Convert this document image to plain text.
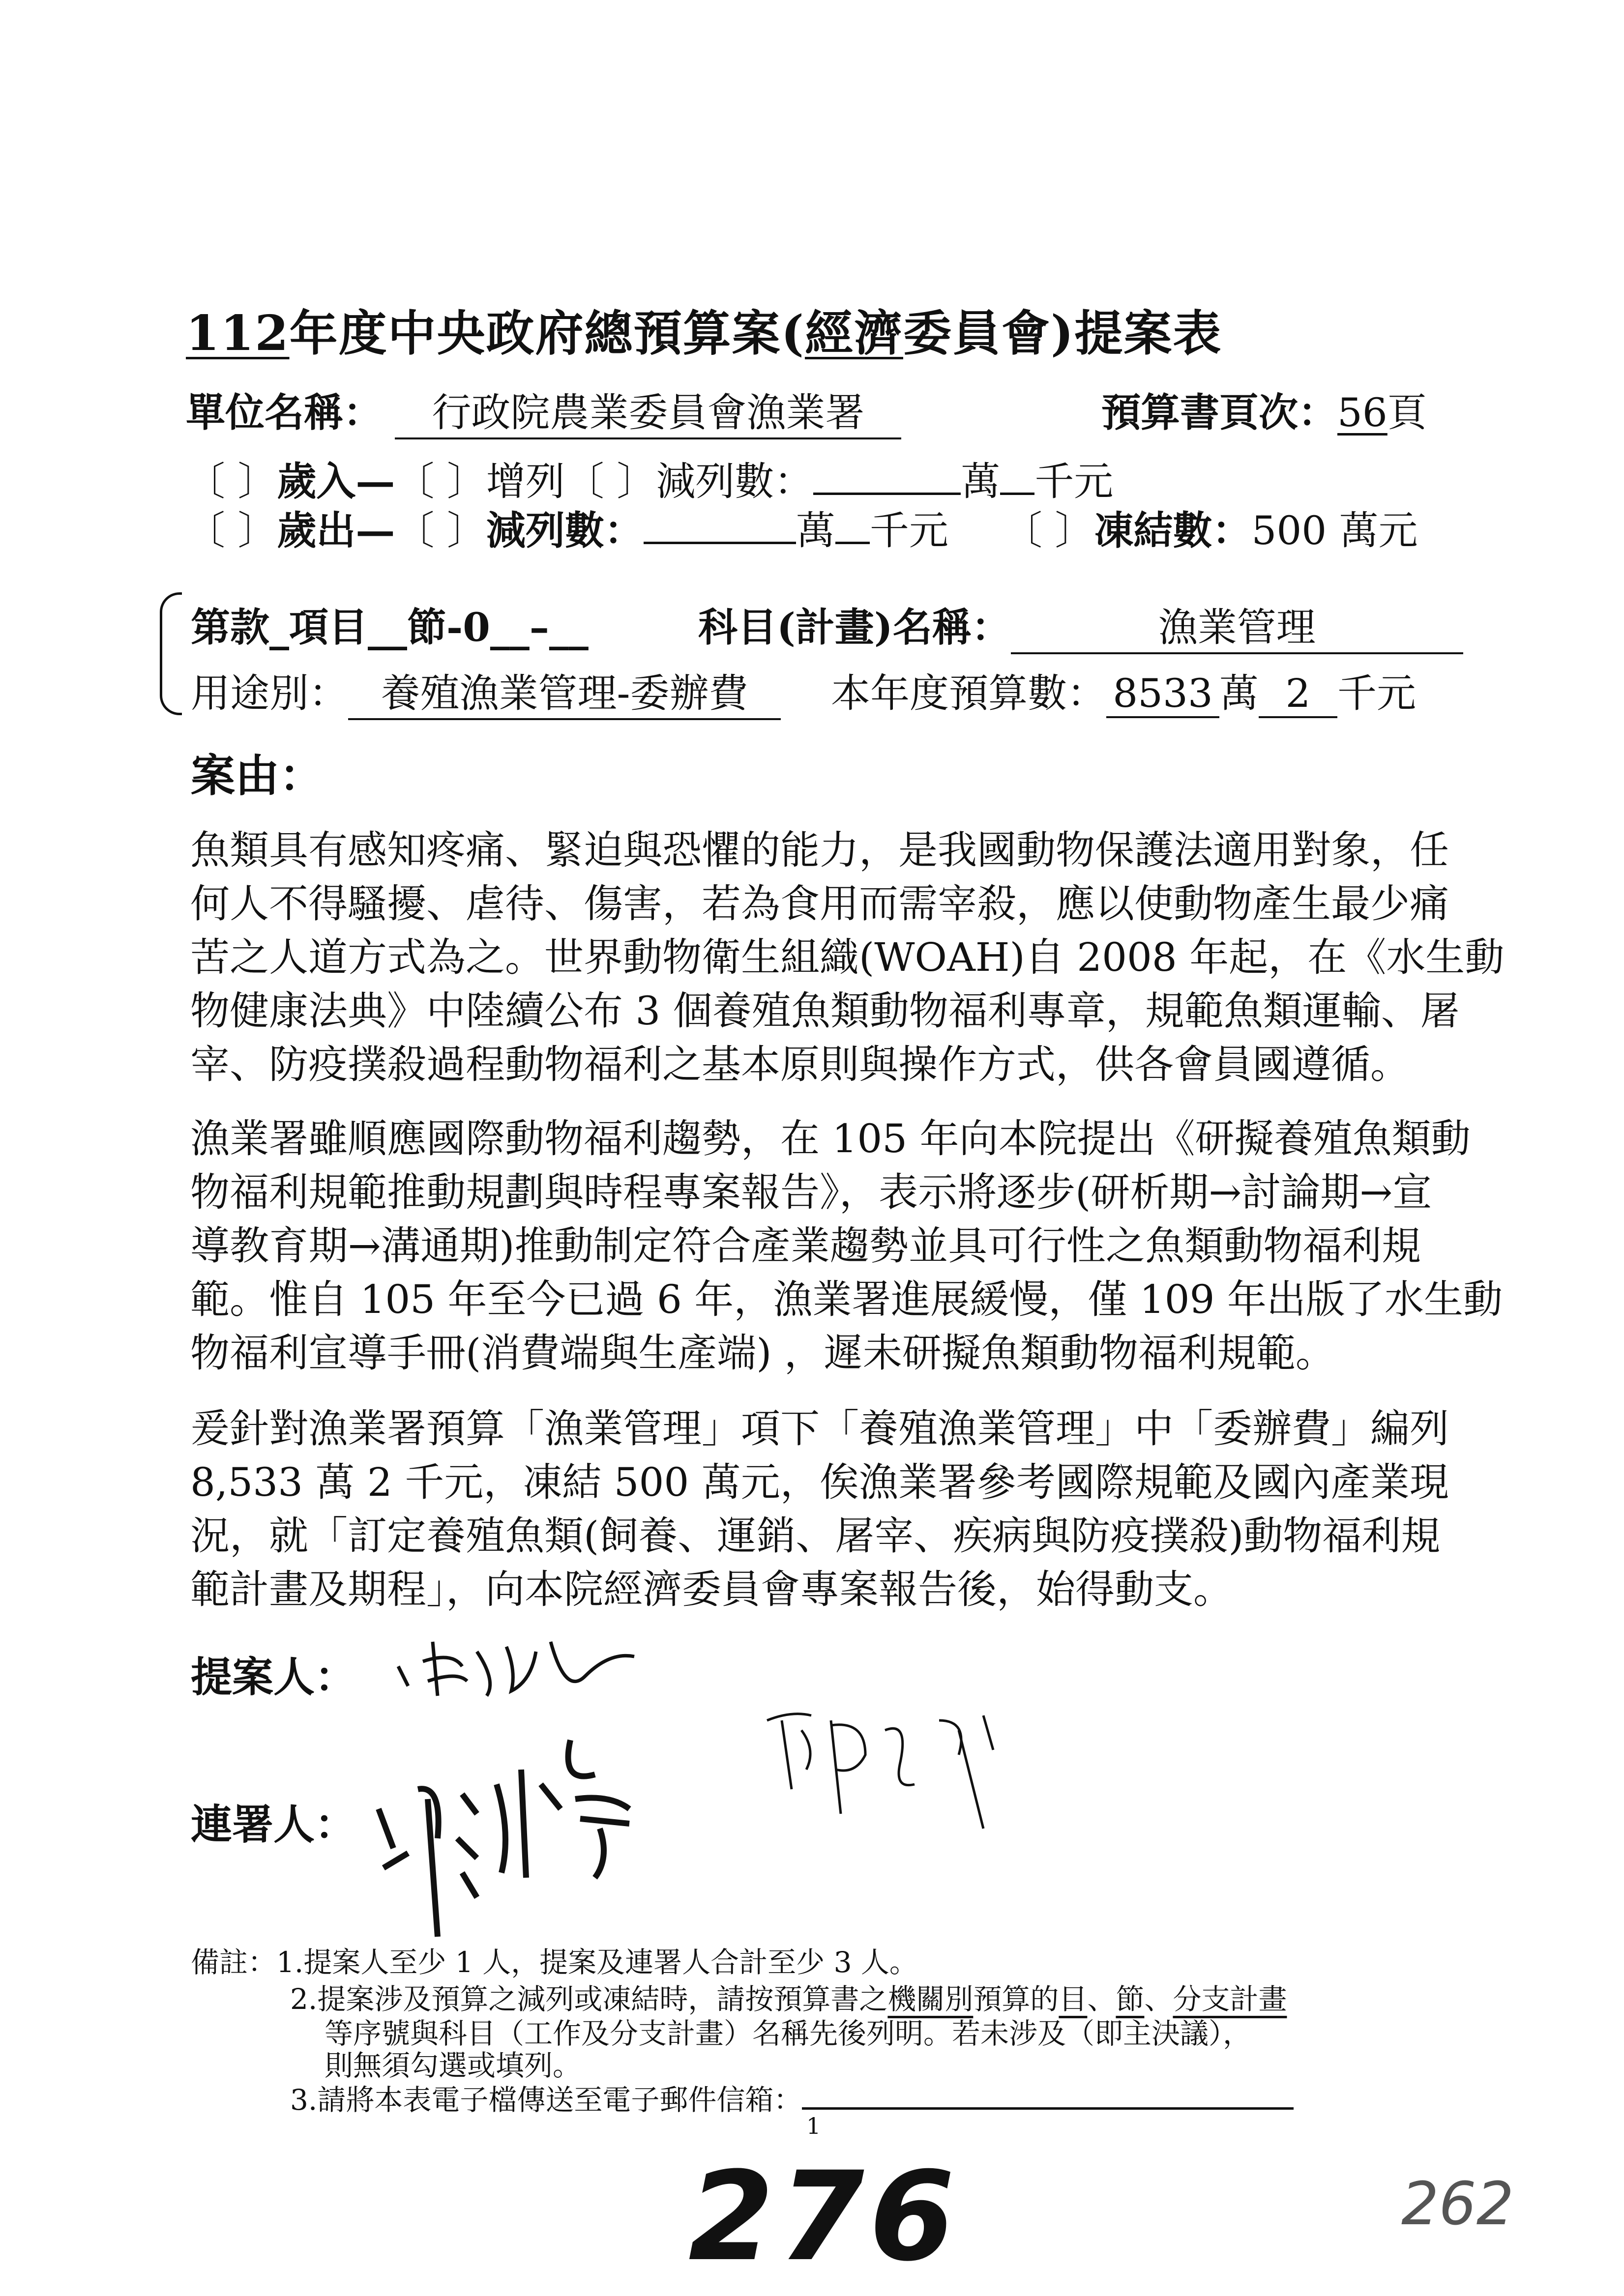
112年度中央政府總預算案(經濟委員會)提案表
單位名稱： 行政院農業委員會漁業署	預算書頁次：56頁
〔 〕歲入—〔 〕增列〔 〕減列數：	萬 千元
〔 〕歲出—〔 〕減列數：	萬 千元 〔 〕凍結數：500 萬元
第款_項目__節-0__–__	科目(計畫)名稱：	漁業管理
用途別： 養殖漁業管理-委辦費	本年度預算數： 8533 萬 2 千元
案由：
魚類具有感知疼痛、緊迫與恐懼的能力，是我國動物保護法適用對象，任
何人不得騷擾、虐待、傷害，若為食用而需宰殺，應以使動物產生最少痛
苦之人道方式為之。世界動物衛生組織(WOAH)自 2008 年起，在《水生動
物健康法典》中陸續公布 3 個養殖魚類動物福利專章，規範魚類運輸、屠
宰、防疫撲殺過程動物福利之基本原則與操作方式，供各會員國遵循。
漁業署雖順應國際動物福利趨勢，在 105 年向本院提出《研擬養殖魚類動
物福利規範推動規劃與時程專案報告》，表示將逐步(研析期→討論期→宣
導教育期→溝通期)推動制定符合產業趨勢並具可行性之魚類動物福利規
範。惟自 105 年至今已過 6 年，漁業署進展緩慢，僅 109 年出版了水生動
物福利宣導手冊(消費端與生產端) ，遲未研擬魚類動物福利規範。
爰針對漁業署預算「漁業管理」項下「養殖漁業管理」中「委辦費」編列
8,533 萬 2 千元，凍結 500 萬元，俟漁業署參考國際規範及國內產業現
況，就「訂定養殖魚類(飼養、運銷、屠宰、疾病與防疫撲殺)動物福利規
範計畫及期程」，向本院經濟委員會專案報告後，始得動支。
提案人：
連署人：
備註：1.提案人至少 1 人，提案及連署人合計至少 3 人。
2.提案涉及預算之減列或凍結時，請按預算書之機關別預算的目、節、分支計畫
等序號與科目（工作及分支計畫）名稱先後列明。若未涉及（即主決議），
則無須勾選或填列。
3.請將本表電子檔傳送至電子郵件信箱：
1
276	262
